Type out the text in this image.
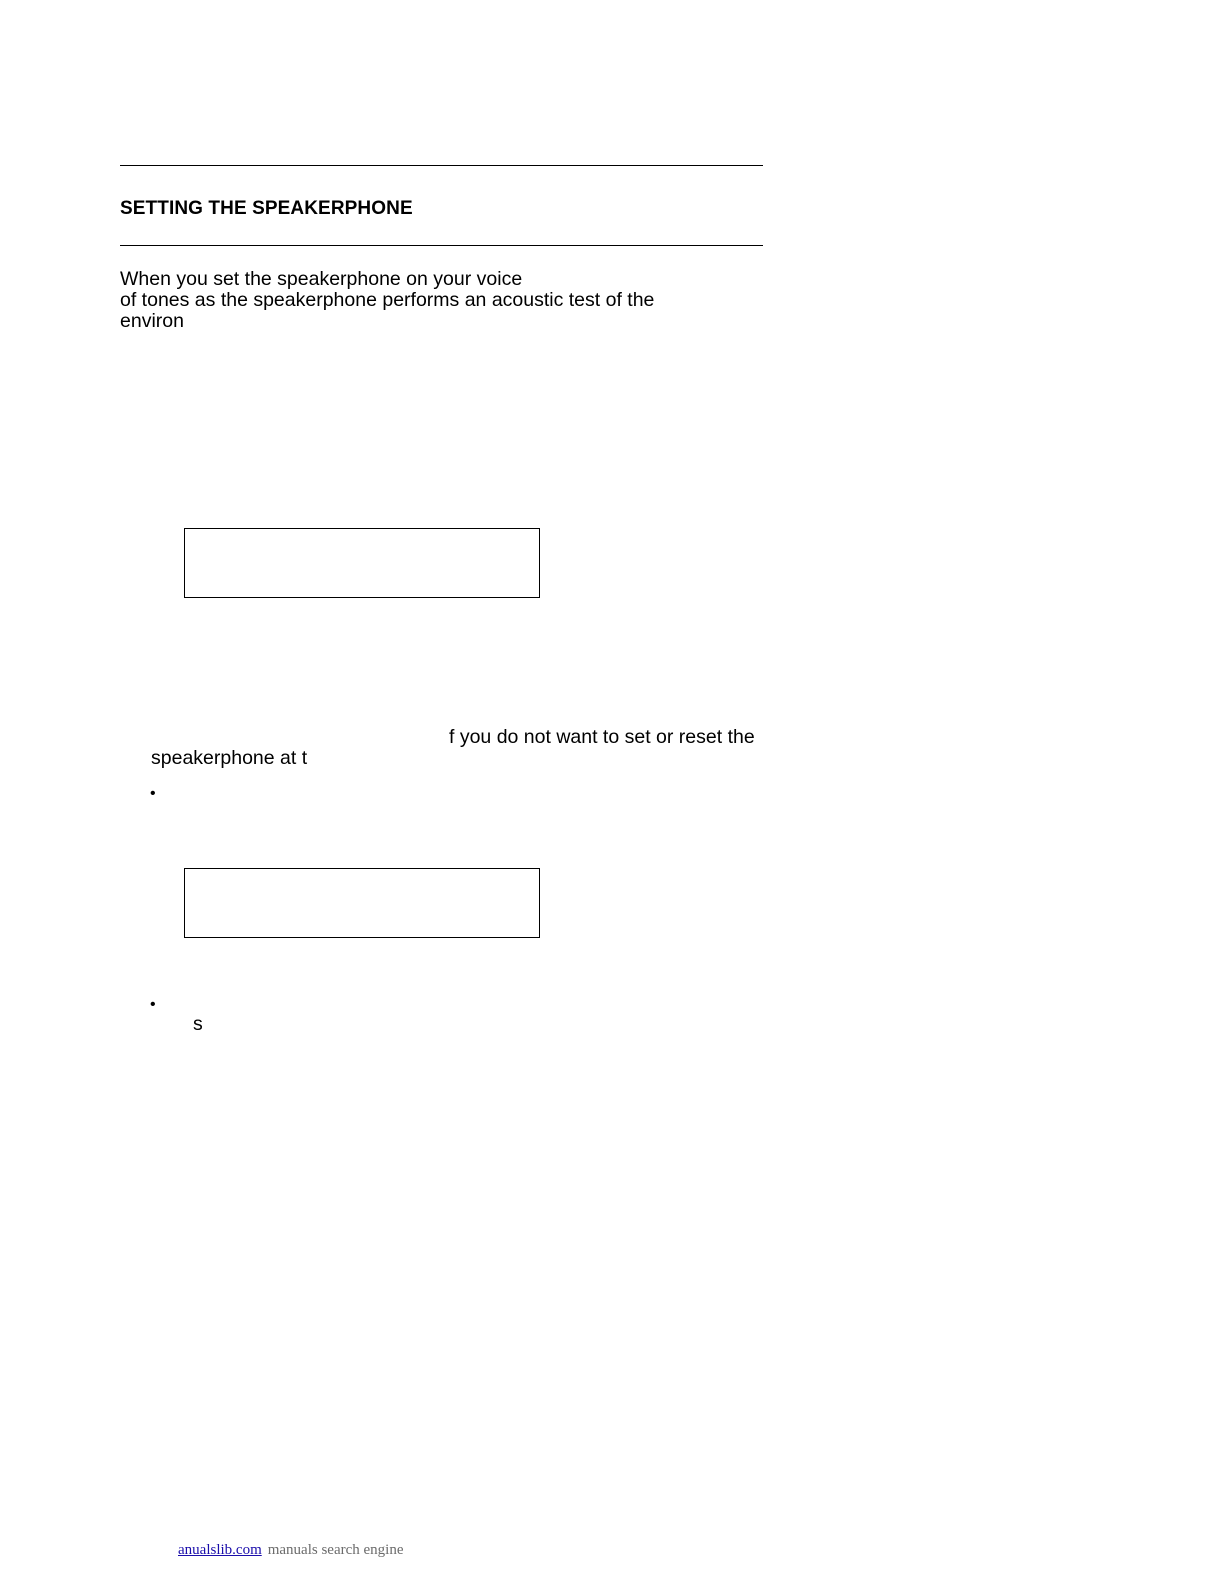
SETTING THE SPEAKERPHONE
When you set the speakerphone on your voice
of tones as the speakerphone performs an acoustic test of the
environ
f you do not want to set or reset the
speakerphone at t
•
•
s
anualslib.com manuals search engine
